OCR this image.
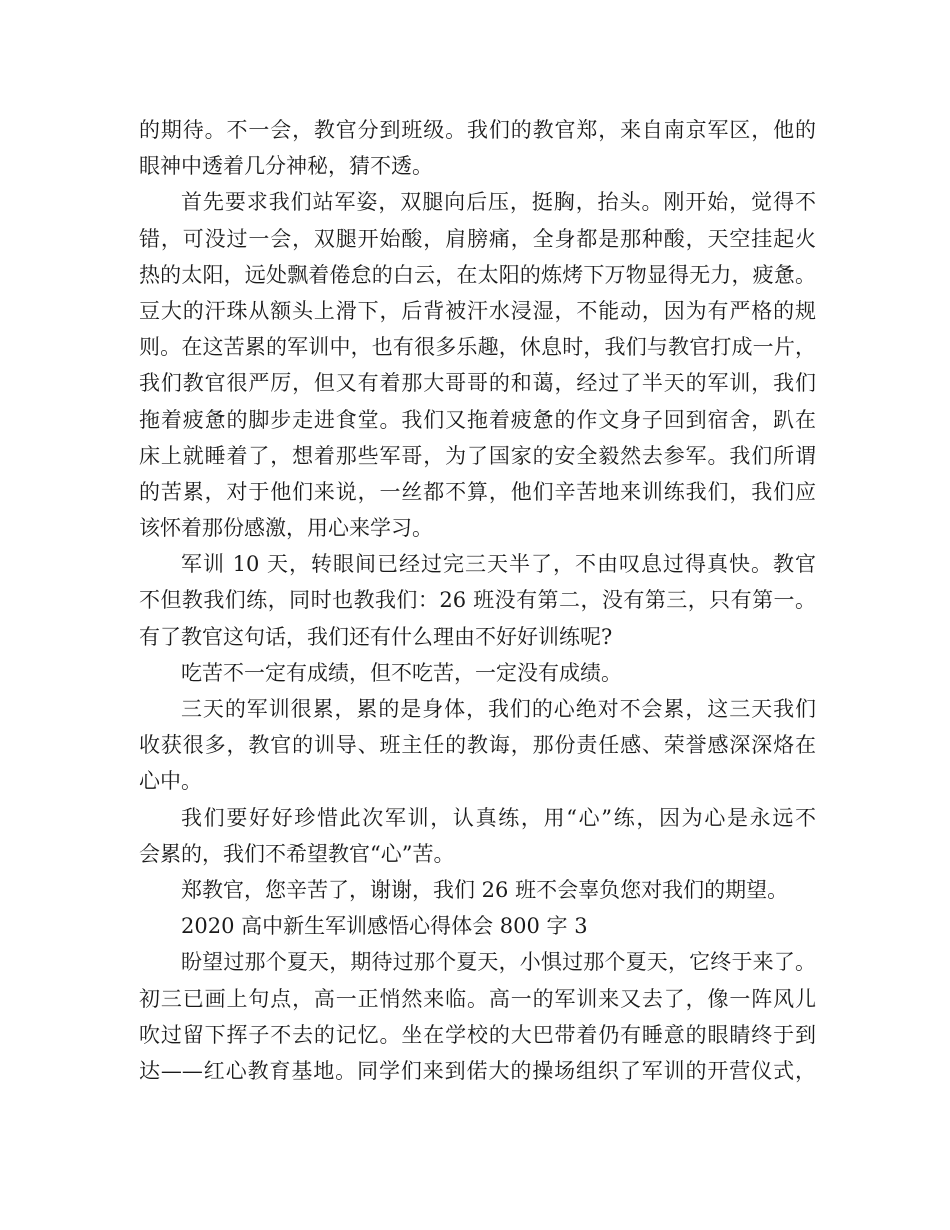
的期待。不一会，教官分到班级。我们的教官郑，来自南京军区，他的
眼神中透着几分神秘，猜不透。
首先要求我们站军姿，双腿向后压，挺胸，抬头。刚开始，觉得不
错，可没过一会，双腿开始酸，肩膀痛，全身都是那种酸，天空挂起火
热的太阳，远处飘着倦怠的白云，在太阳的炼烤下万物显得无力，疲惫。
豆大的汗珠从额头上滑下，后背被汗水浸湿，不能动，因为有严格的规
则。在这苦累的军训中，也有很多乐趣，休息时，我们与教官打成一片，
我们教官很严厉，但又有着那大哥哥的和蔼，经过了半天的军训，我们
拖着疲惫的脚步走进食堂。我们又拖着疲惫的作文身子回到宿舍，趴在
床上就睡着了，想着那些军哥，为了国家的安全毅然去参军。我们所谓
的苦累，对于他们来说，一丝都不算，他们辛苦地来训练我们，我们应
该怀着那份感激，用心来学习。
军训 10 天，转眼间已经过完三天半了，不由叹息过得真快。教官
不但教我们练，同时也教我们：26 班没有第二，没有第三，只有第一。
有了教官这句话，我们还有什么理由不好好训练呢?
吃苦不一定有成绩，但不吃苦，一定没有成绩。
三天的军训很累，累的是身体，我们的心绝对不会累，这三天我们
收获很多，教官的训导、班主任的教诲，那份责任感、荣誉感深深烙在
心中。
我们要好好珍惜此次军训，认真练，用“心”练，因为心是永远不
会累的，我们不希望教官“心”苦。
郑教官，您辛苦了，谢谢，我们 26 班不会辜负您对我们的期望。
2020 高中新生军训感悟心得体会 800 字 3
盼望过那个夏天，期待过那个夏天，小惧过那个夏天，它终于来了。
初三已画上句点，高一正悄然来临。高一的军训来又去了，像一阵风儿
吹过留下挥子不去的记忆。坐在学校的大巴带着仍有睡意的眼睛终于到
达——红心教育基地。同学们来到偌大的操场组织了军训的开营仪式，
